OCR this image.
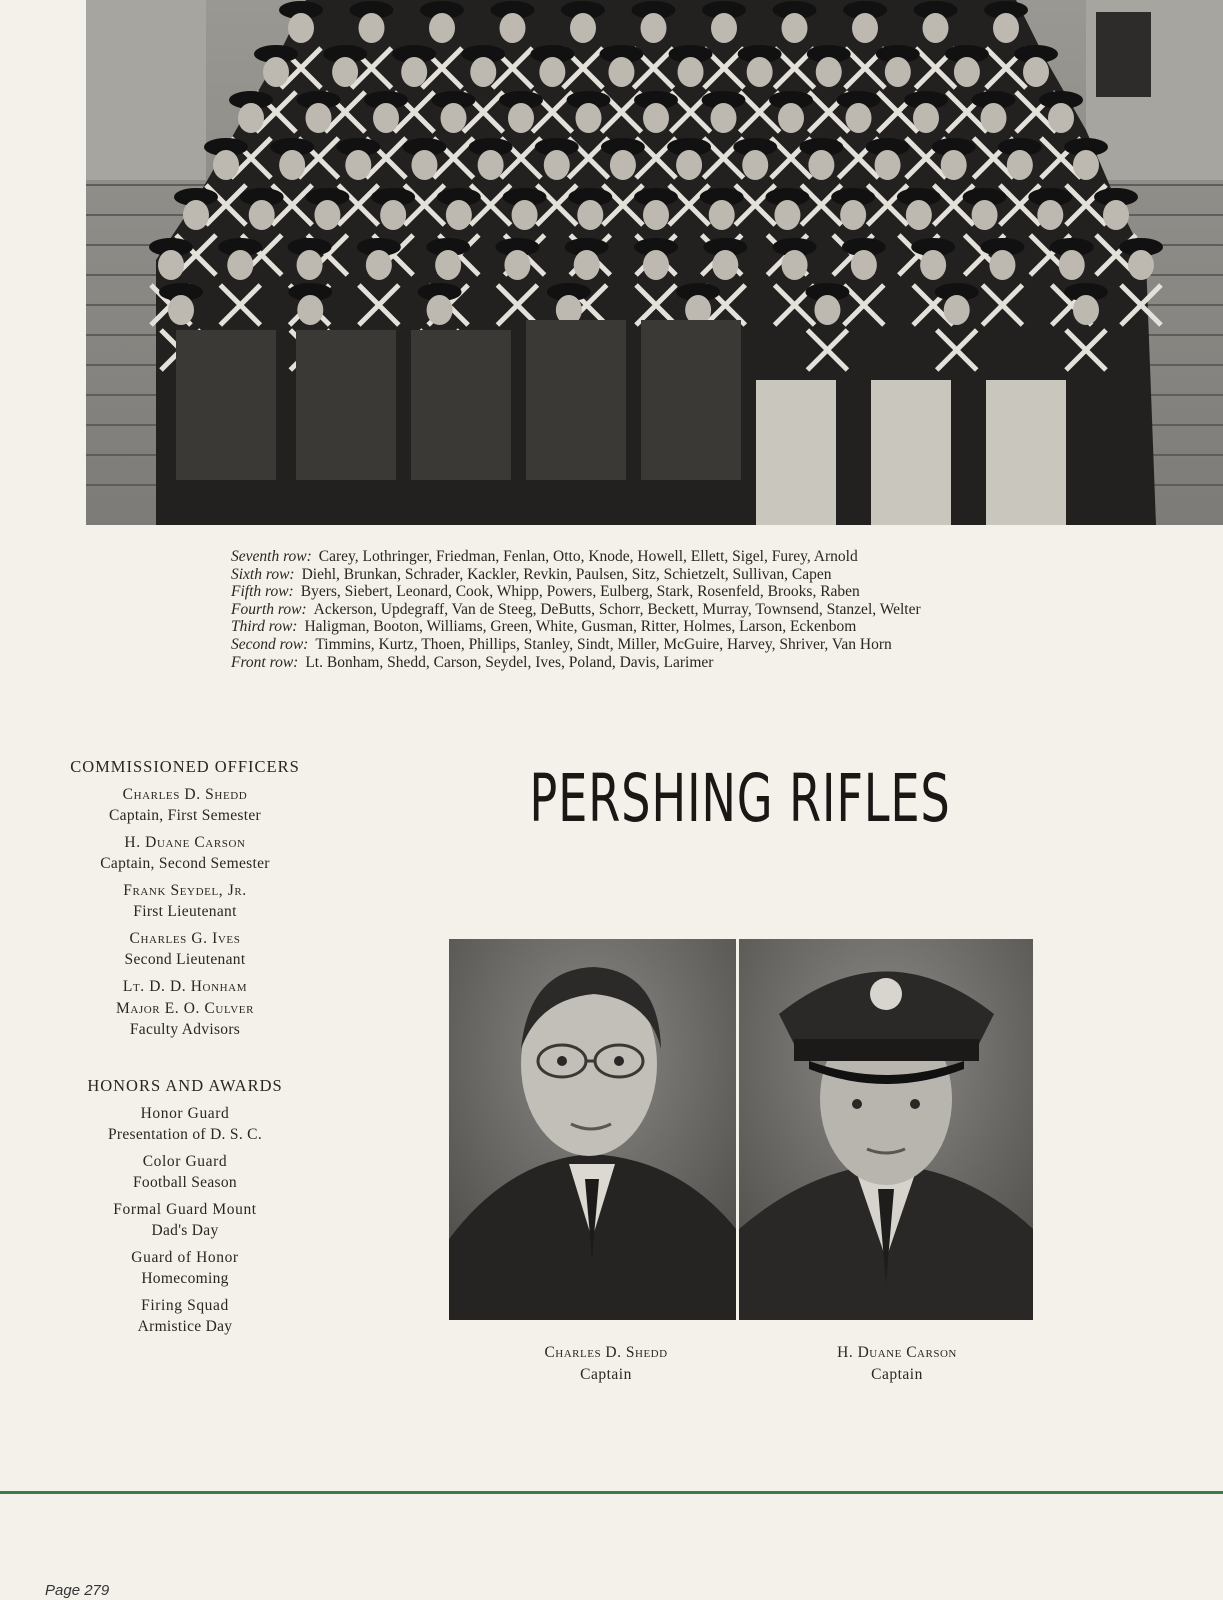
Seventh row: Carey, Lothringer, Friedman, Fenlan, Otto, Knode, Howell, Ellett, Sigel, Furey, Arnold
Sixth row: Diehl, Brunkan, Schrader, Kackler, Revkin, Paulsen, Sitz, Schietzelt, Sullivan, Capen
Fifth row: Byers, Siebert, Leonard, Cook, Whipp, Powers, Eulberg, Stark, Rosenfeld, Brooks, Raben
Fourth row: Ackerson, Updegraff, Van de Steeg, DeButts, Schorr, Beckett, Murray, Townsend, Stanzel, Welter
Third row: Haligman, Booton, Williams, Green, White, Gusman, Ritter, Holmes, Larson, Eckenbom
Second row: Timmins, Kurtz, Thoen, Phillips, Stanley, Sindt, Miller, McGuire, Harvey, Shriver, Van Horn
Front row: Lt. Bonham, Shedd, Carson, Seydel, Ives, Poland, Davis, Larimer
PERSHING RIFLES
COMMISSIONED OFFICERS
Charles D. Shedd
Captain, First Semester
H. Duane Carson
Captain, Second Semester
Frank Seydel, Jr.
First Lieutenant
Charles G. Ives
Second Lieutenant
Lt. D. D. Honham
Major E. O. Culver
Faculty Advisors
HONORS AND AWARDS
Honor Guard
Presentation of D. S. C.
Color Guard
Football Season
Formal Guard Mount
Dad's Day
Guard of Honor
Homecoming
Firing Squad
Armistice Day
Charles D. Shedd
Captain
H. Duane Carson
Captain
Page 279
